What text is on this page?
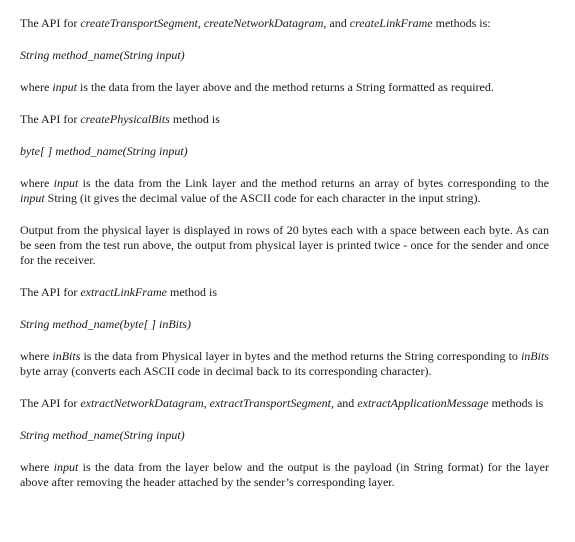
The API for createTransportSegment, createNetworkDatagram, and createLinkFrame methods is:

String method_name(String input)

where input is the data from the layer above and the method returns a String formatted as required.

The API for createPhysicalBits method is

byte[ ] method_name(String input)

where input is the data from the Link layer and the method returns an array of bytes corresponding to the input String (it gives the decimal value of the ASCII code for each character in the input string).

Output from the physical layer is displayed in rows of 20 bytes each with a space between each byte. As can be seen from the test run above, the output from physical layer is printed twice - once for the sender and once for the receiver.

The API for extractLinkFrame method is

String method_name(byte[ ] inBits)

where inBits is the data from Physical layer in bytes and the method returns the String corresponding to inBits byte array (converts each ASCII code in decimal back to its corresponding character).

The API for extractNetworkDatagram, extractTransportSegment, and extractApplicationMessage methods is

String method_name(String input)

where input is the data from the layer below and the output is the payload (in String format) for the layer above after removing the header attached by the sender’s corresponding layer.
